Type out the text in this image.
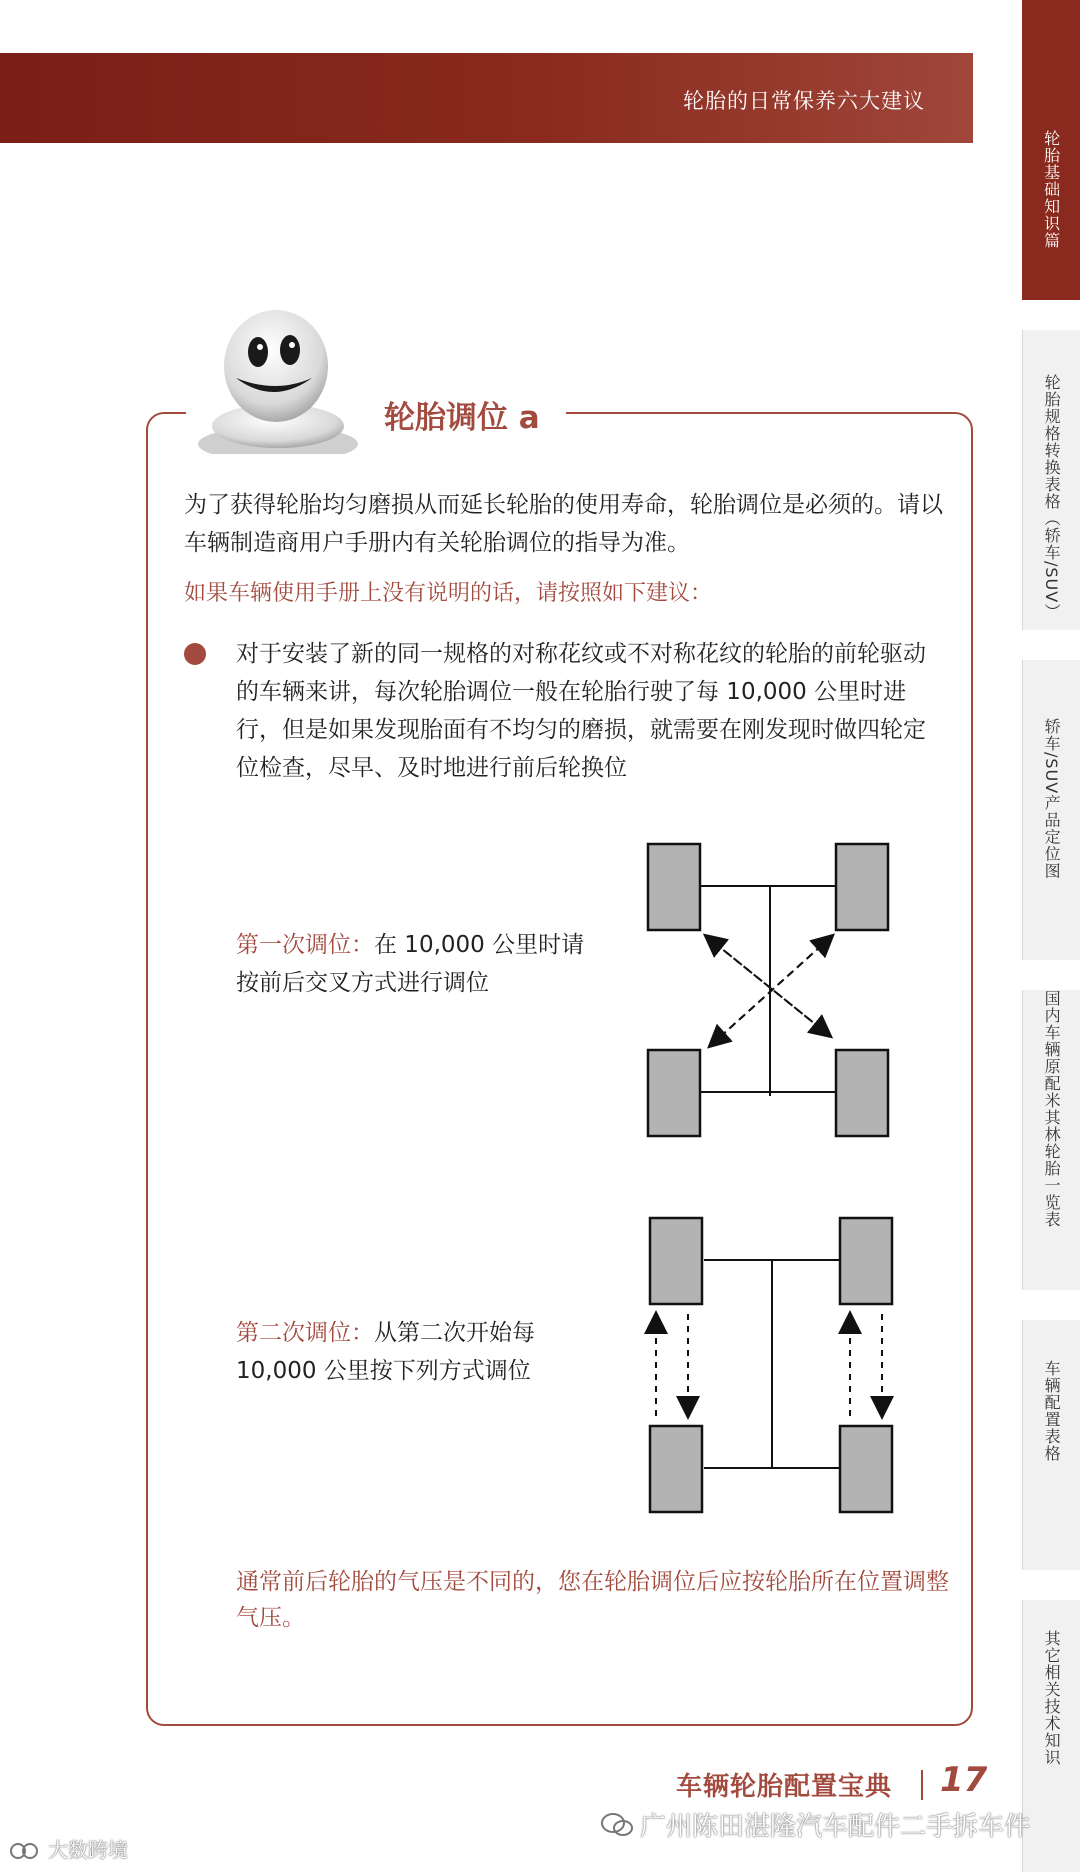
轮胎的日常保养六大建议
轮胎基础知识篇
轮胎规格转换表格（轿车/SUV）
轿车/SUV产品定位图
国内车辆原配米其林轮胎一览表
车辆配置表格
其它相关技术知识
轮胎调位 a

为了获得轮胎均匀磨损从而延长轮胎的使用寿命，轮胎调位是必须的。请以车辆制造商用户手册内有关轮胎调位的指导为准。

如果车辆使用手册上没有说明的话，请按照如下建议：

对于安装了新的同一规格的对称花纹或不对称花纹的轮胎的前轮驱动的车辆来讲，每次轮胎调位一般在轮胎行驶了每 10,000 公里时进行，但是如果发现胎面有不均匀的磨损，就需要在刚发现时做四轮定位检查，尽早、及时地进行前后轮换位

第一次调位：在 10,000 公里时请按前后交叉方式进行调位

第二次调位：从第二次开始每 10,000 公里按下列方式调位

通常前后轮胎的气压是不同的，您在轮胎调位后应按轮胎所在位置调整气压。

车辆轮胎配置宝典 17
广州陈田湛隆汽车配件二手拆车件
大数跨境
